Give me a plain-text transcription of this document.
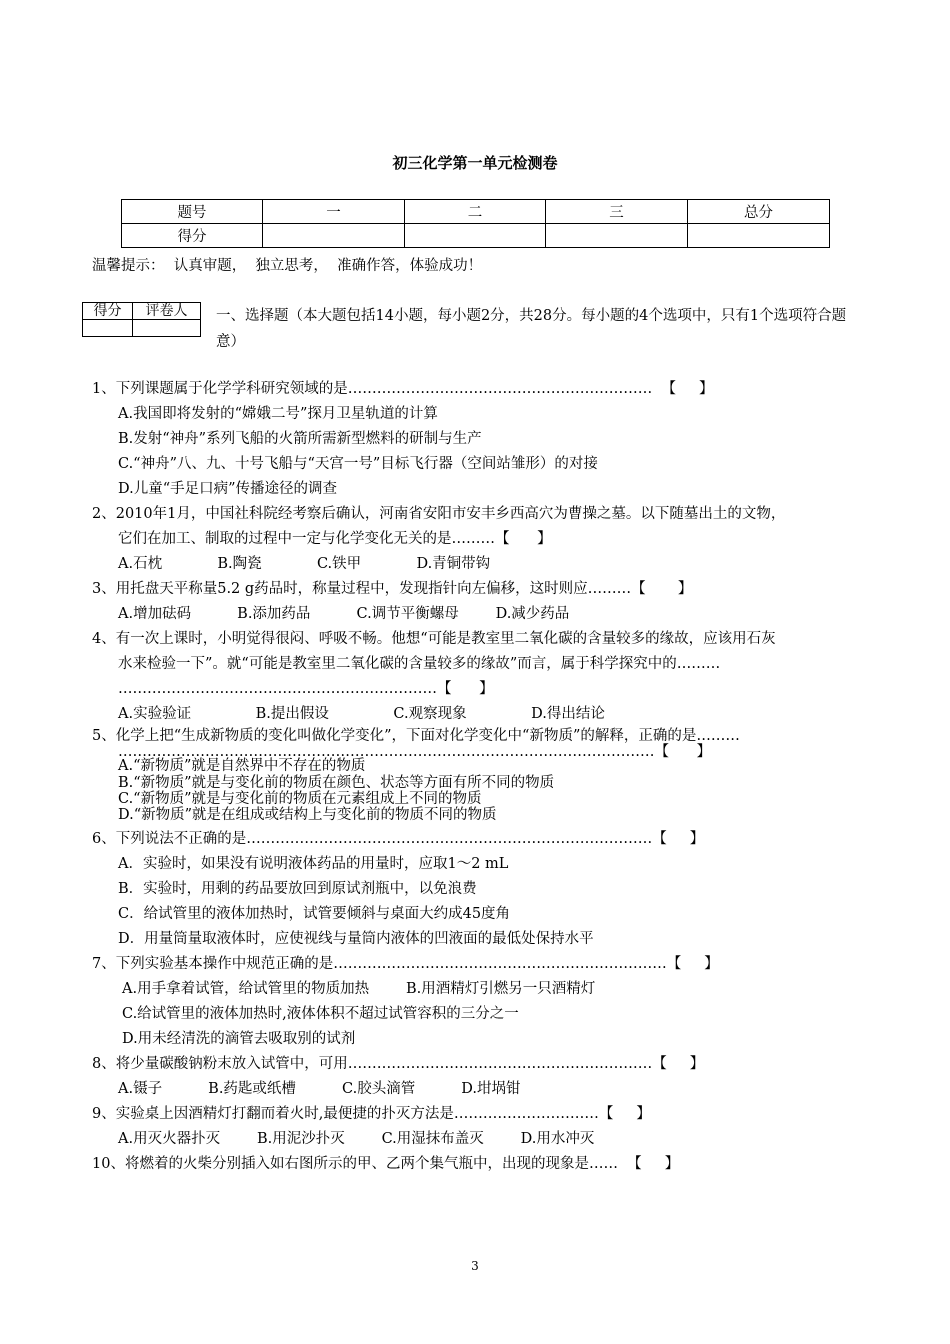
初三化学第一单元检测卷
题号	一	二	三	总分
得分				
温馨提示：  认真审题，  独立思考，  准确作答，体验成功！
得分	评卷人
	一、选择题（本大题包括14小题，每小题2分，共28分。每小题的4个选项中，只有1个选项符合题意）
1、下列课题属于化学学科研究领域的是………………………………………………………  【     】
A.我国即将发射的“嫦娥二号”探月卫星轨道的计算
B.发射“神舟”系列飞船的火箭所需新型燃料的研制与生产
C.“神舟”八、九、十号飞船与“天宫一号”目标飞行器（空间站雏形）的对接
D.儿童“手足口病”传播途径的调查
2、2010年1月，中国社科院经考察后确认，河南省安阳市安丰乡西高穴为曹操之墓。以下随墓出土的文物，
它们在加工、制取的过程中一定与化学变化无关的是………【      】
A.石枕            B.陶瓷            C.铁甲            D.青铜带钩
3、用托盘天平称量5.2 g药品时，称量过程中，发现指针向左偏移，这时则应………【       】
A.增加砝码          B.添加药品          C.调节平衡螺母        D.减少药品
4、有一次上课时，小明觉得很闷、呼吸不畅。他想“可能是教室里二氧化碳的含量较多的缘故，应该用石灰
水来检验一下”。就“可能是教室里二氧化碳的含量较多的缘故”而言，属于科学探究中的………
…………………………………………………………【      】
A.实验验证              B.提出假设              C.观察现象              D.得出结论
5、化学上把“生成新物质的变化叫做化学变化”，下面对化学变化中“新物质”的解释，正确的是………
…………………………………………………………………………………………………【      】
A.“新物质”就是自然界中不存在的物质
B.“新物质”就是与变化前的物质在颜色、状态等方面有所不同的物质
C.“新物质”就是与变化前的物质在元素组成上不同的物质
D.“新物质”就是在组成或结构上与变化前的物质不同的物质
6、下列说法不正确的是…………………………………………………………………………【     】
A．实验时，如果没有说明液体药品的用量时，应取1～2 mL
B．实验时，用剩的药品要放回到原试剂瓶中，以免浪费
C．给试管里的液体加热时，试管要倾斜与桌面大约成45度角
D．用量筒量取液体时，应使视线与量筒内液体的凹液面的最低处保持水平
7、下列实验基本操作中规范正确的是……………………………………………………………【     】
A.用手拿着试管，给试管里的物质加热        B.用酒精灯引燃另一只酒精灯
C.给试管里的液体加热时,液体体积不超过试管容积的三分之一
D.用未经清洗的滴管去吸取别的试剂
8、将少量碳酸钠粉末放入试管中，可用………………………………………………………【     】
A.镊子          B.药匙或纸槽          C.胶头滴管          D.坩埚钳
9、实验桌上因酒精灯打翻而着火时,最便捷的扑灭方法是…………………………【     】
A.用灭火器扑灭        B.用泥沙扑灭        C.用湿抹布盖灭        D.用水冲灭
10、将燃着的火柴分别插入如右图所示的甲、乙两个集气瓶中，出现的现象是……  【     】
3
